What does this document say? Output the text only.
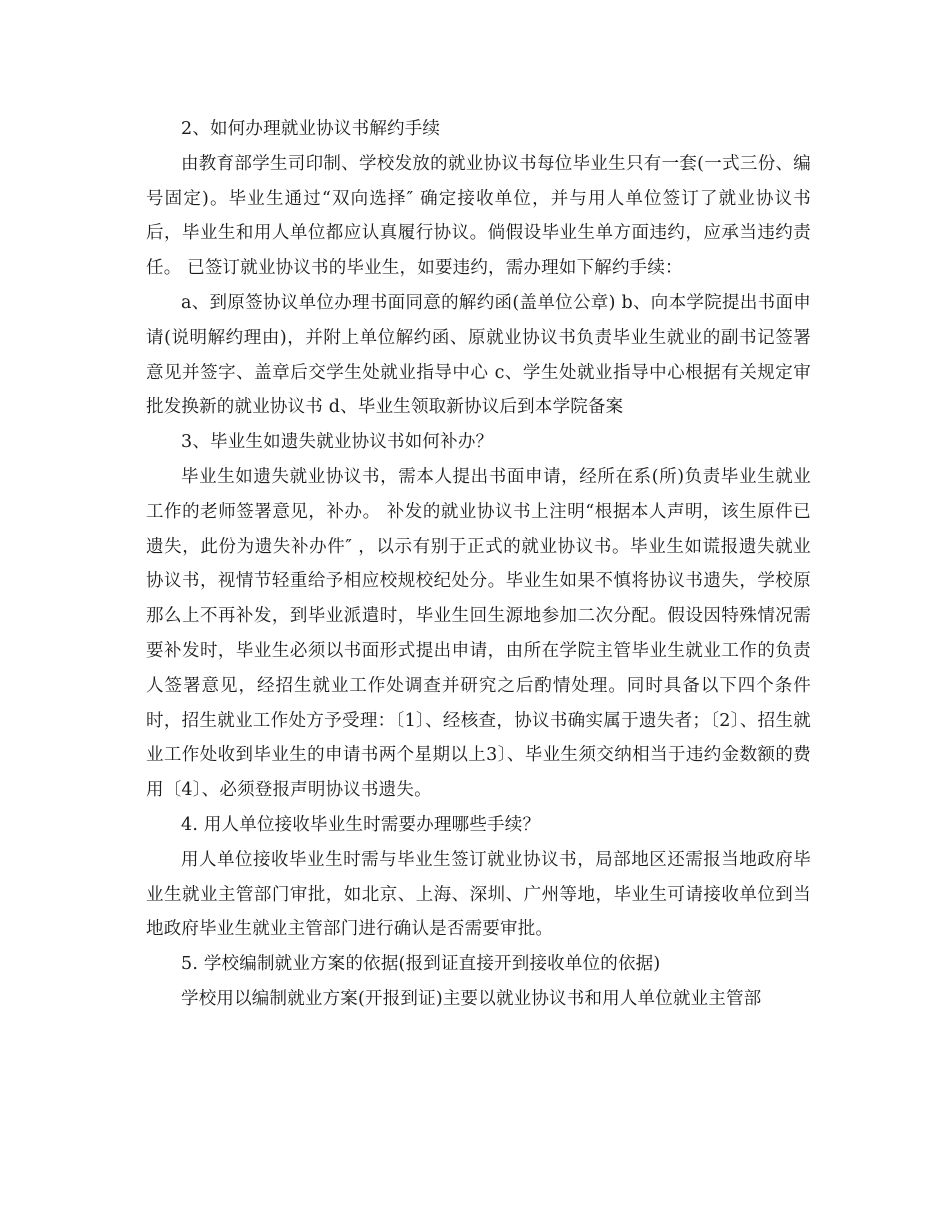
2、如何办理就业协议书解约手续

由教育部学生司印制、学校发放的就业协议书每位毕业生只有一套(一式三份、编号固定)。毕业生通过“双向选择″ 确定接收单位，并与用人单位签订了就业协议书后，毕业生和用人单位都应认真履行协议。倘假设毕业生单方面违约，应承当违约责任。 已签订就业协议书的毕业生，如要违约，需办理如下解约手续：

a、到原签协议单位办理书面同意的解约函(盖单位公章) b、向本学院提出书面申请(说明解约理由)，并附上单位解约函、原就业协议书负责毕业生就业的副书记签署意见并签字、盖章后交学生处就业指导中心 c、学生处就业指导中心根据有关规定审批发换新的就业协议书 d、毕业生领取新协议后到本学院备案

3、毕业生如遗失就业协议书如何补办？

毕业生如遗失就业协议书，需本人提出书面申请，经所在系(所)负责毕业生就业工作的老师签署意见，补办。 补发的就业协议书上注明“根据本人声明，该生原件已遗失，此份为遗失补办件″ ，以示有别于正式的就业协议书。毕业生如谎报遗失就业协议书，视情节轻重给予相应校规校纪处分。毕业生如果不慎将协议书遗失，学校原那么上不再补发，到毕业派遣时，毕业生回生源地参加二次分配。假设因特殊情况需要补发时，毕业生必须以书面形式提出申请，由所在学院主管毕业生就业工作的负责人签署意见，经招生就业工作处调查并研究之后酌情处理。同时具备以下四个条件时，招生就业工作处方予受理：〔1〕、经核查，协议书确实属于遗失者；〔2〕、招生就业工作处收到毕业生的申请书两个星期以上3〕、毕业生须交纳相当于违约金数额的费用〔4〕、必须登报声明协议书遗失。

4. 用人单位接收毕业生时需要办理哪些手续？

用人单位接收毕业生时需与毕业生签订就业协议书，局部地区还需报当地政府毕业生就业主管部门审批，如北京、上海、深圳、广州等地，毕业生可请接收单位到当地政府毕业生就业主管部门进行确认是否需要审批。

5. 学校编制就业方案的依据(报到证直接开到接收单位的依据)

学校用以编制就业方案(开报到证)主要以就业协议书和用人单位就业主管部
